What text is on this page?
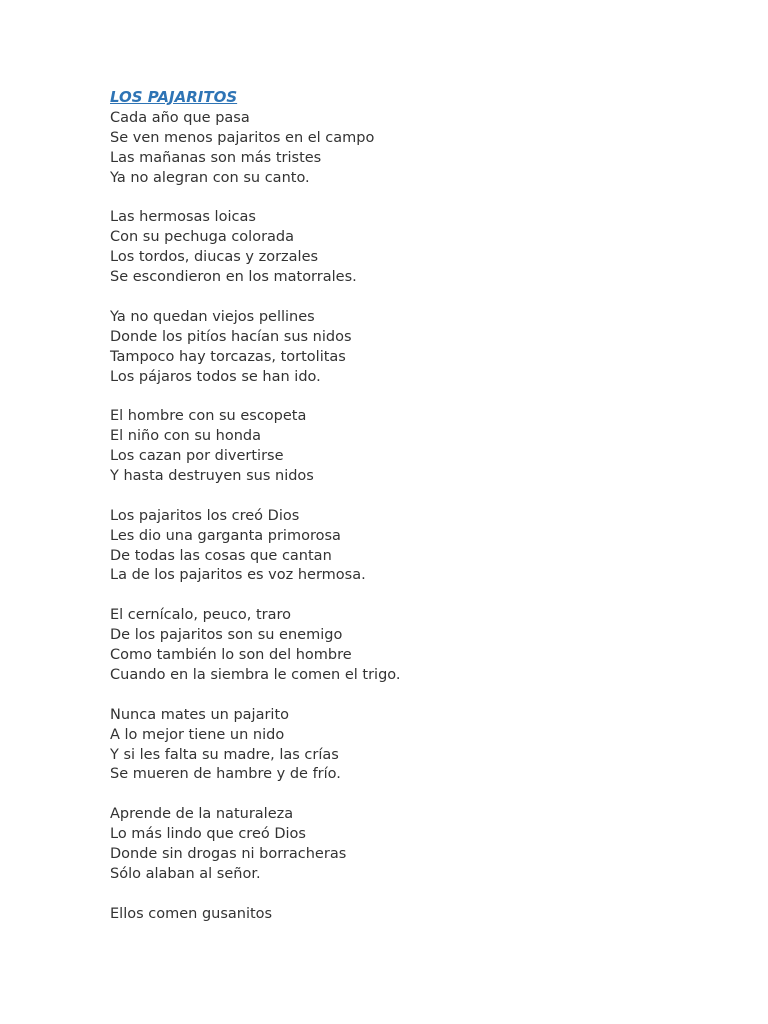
LOS PAJARITOS
Cada año que pasa
Se ven menos pajaritos en el campo
Las mañanas son más tristes
Ya no alegran con su canto.
Las hermosas loicas
Con su pechuga colorada
Los tordos, diucas y zorzales
Se escondieron en los matorrales.
Ya no quedan viejos pellines
Donde los pitíos hacían sus nidos
Tampoco hay torcazas, tortolitas
Los pájaros todos se han ido.
El hombre con su escopeta
El niño con su honda
Los cazan por divertirse
Y hasta destruyen sus nidos
Los pajaritos los creó Dios
Les dio una garganta primorosa
De todas las cosas que cantan
La de los pajaritos es voz hermosa.
El cernícalo, peuco, traro
De los pajaritos son su enemigo
Como también lo son del hombre
Cuando en la siembra le comen el trigo.
Nunca mates un pajarito
A lo mejor tiene un nido
Y si les falta su madre, las crías
Se mueren de hambre y de frío.
Aprende de la naturaleza
Lo más lindo que creó Dios
Donde sin drogas ni borracheras
Sólo alaban al señor.
Ellos comen gusanitos
